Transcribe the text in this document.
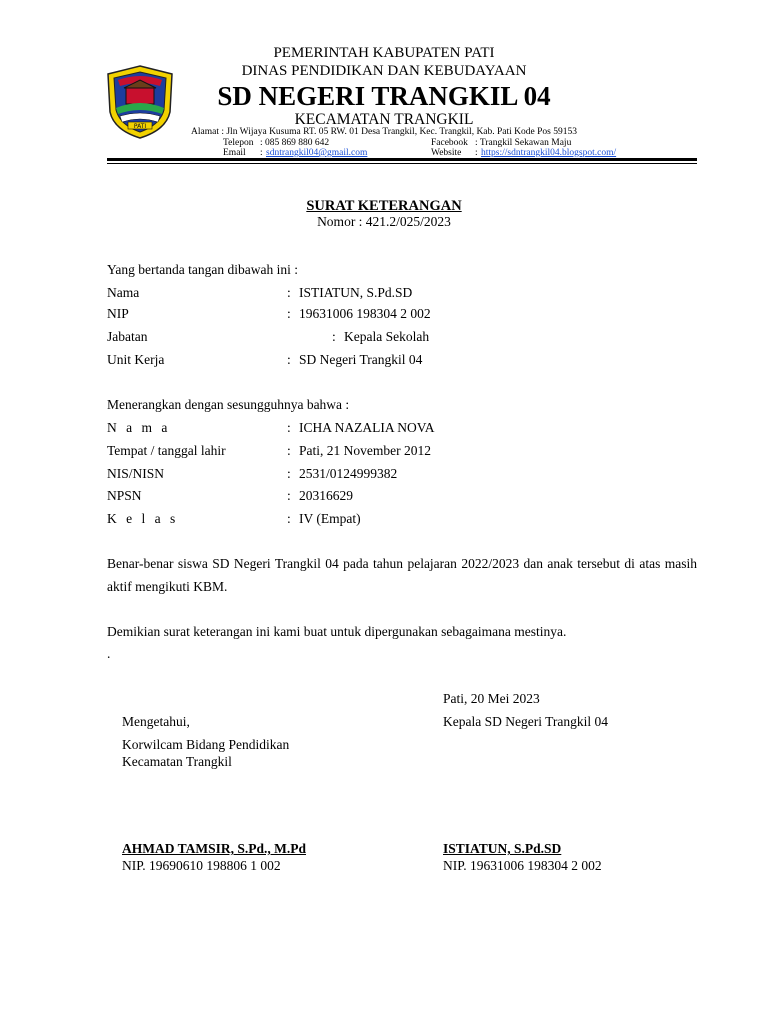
PATI
PEMERINTAH KABUPATEN PATI
DINAS PENDIDIKAN DAN KEBUDAYAAN
SD NEGERI TRANGKIL 04
KECAMATAN TRANGKIL
Alamat : Jln Wijaya Kusuma RT. 05 RW. 01 Desa Trangkil, Kec. Trangkil, Kab. Pati Kode Pos 59153
Telepon : 085 869 880 642	Facebook : Trangkil Sekawan Maju
Email : sdntrangkil04@gmail.com	Website : https://sdntrangkil04.blogspot.com/
SURAT KETERANGAN
Nomor : 421.2/025/2023
Yang bertanda tangan dibawah ini :
Nama	: ISTIATUN, S.Pd.SD
NIP	: 19631006 198304 2 002
Jabatan	: Kepala Sekolah
Unit Kerja	: SD Negeri Trangkil 04
Menerangkan dengan sesungguhnya bahwa :
N a m a	: ICHA NAZALIA NOVA
Tempat / tanggal lahir	: Pati, 21 November 2012
NIS/NISN	: 2531/0124999382
NPSN	: 20316629
K e l a s	: IV (Empat)
Benar-benar siswa SD Negeri Trangkil 04 pada tahun pelajaran 2022/2023 dan anak tersebut di atas masih aktif mengikuti KBM.
Demikian surat keterangan ini kami buat untuk dipergunakan sebagaimana mestinya.
.
Pati, 20 Mei 2023
Kepala SD Negeri Trangkil 04
Mengetahui,
Korwilcam Bidang Pendidikan
Kecamatan Trangkil
AHMAD TAMSIR, S.Pd., M.Pd
NIP. 19690610 198806 1 002
ISTIATUN, S.Pd.SD
NIP. 19631006 198304 2 002
